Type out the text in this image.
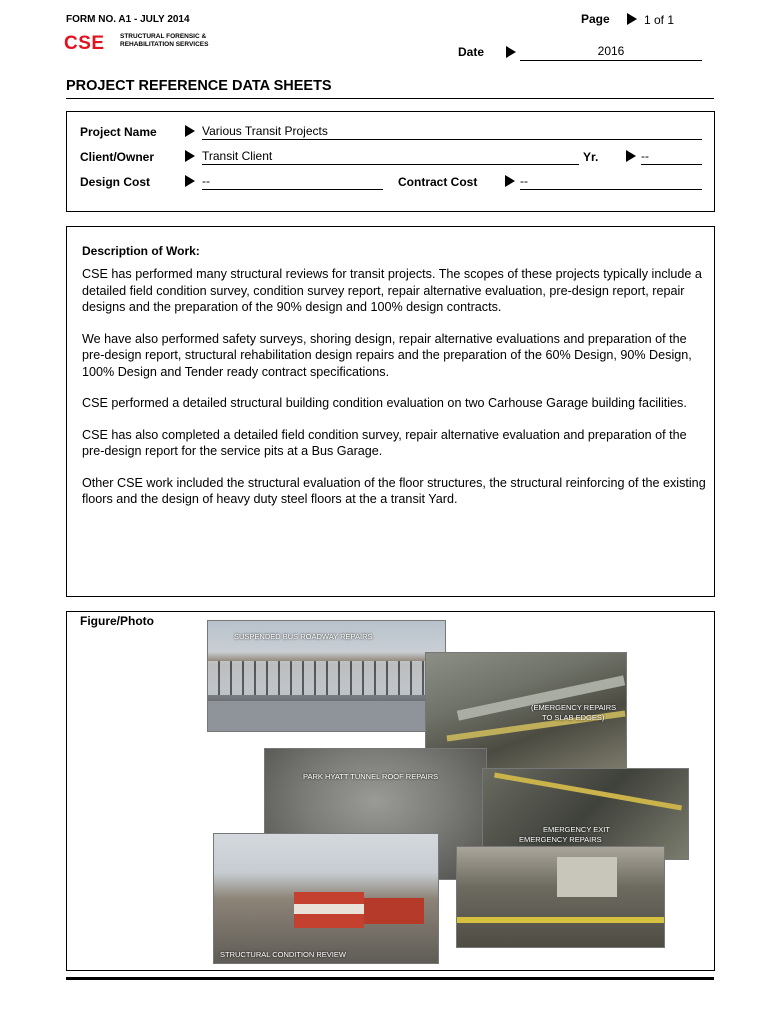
FORM NO. A1 - JULY 2014
CSE STRUCTURAL FORENSIC & REHABILITATION SERVICES
Page	1 of 1
Date	2016
PROJECT REFERENCE DATA SHEETS
Project Name	Various Transit Projects
Client/Owner	Transit Client	Yr.	--
Design Cost	--	Contract Cost	--
Description of Work:

CSE has performed many structural reviews for transit projects. The scopes of these projects typically include a detailed field condition survey, condition survey report, repair alternative evaluation, pre-design report, repair designs and the preparation of the 90% design and 100% design contracts.

We have also performed safety surveys, shoring design, repair alternative evaluations and preparation of the pre-design report, structural rehabilitation design repairs and the preparation of the 60% Design, 90% Design, 100% Design and Tender ready contract specifications.

CSE performed a detailed structural building condition evaluation on two Carhouse Garage building facilities.

CSE has also completed a detailed field condition survey, repair alternative evaluation and preparation of the pre-design report for the service pits at a Bus Garage.

Other CSE work included the structural evaluation of the floor structures, the structural reinforcing of the existing floors and the design of heavy duty steel floors at the a transit Yard.

Figure/Photo
SUSPENDED BUS ROADWAY REPAIRS
(EMERGENCY REPAIRS
TO SLAB EDGES)
PARK HYATT TUNNEL ROOF REPAIRS
EMERGENCY EXIT
EMERGENCY REPAIRS
STRUCTURAL CONDITION REVIEW
